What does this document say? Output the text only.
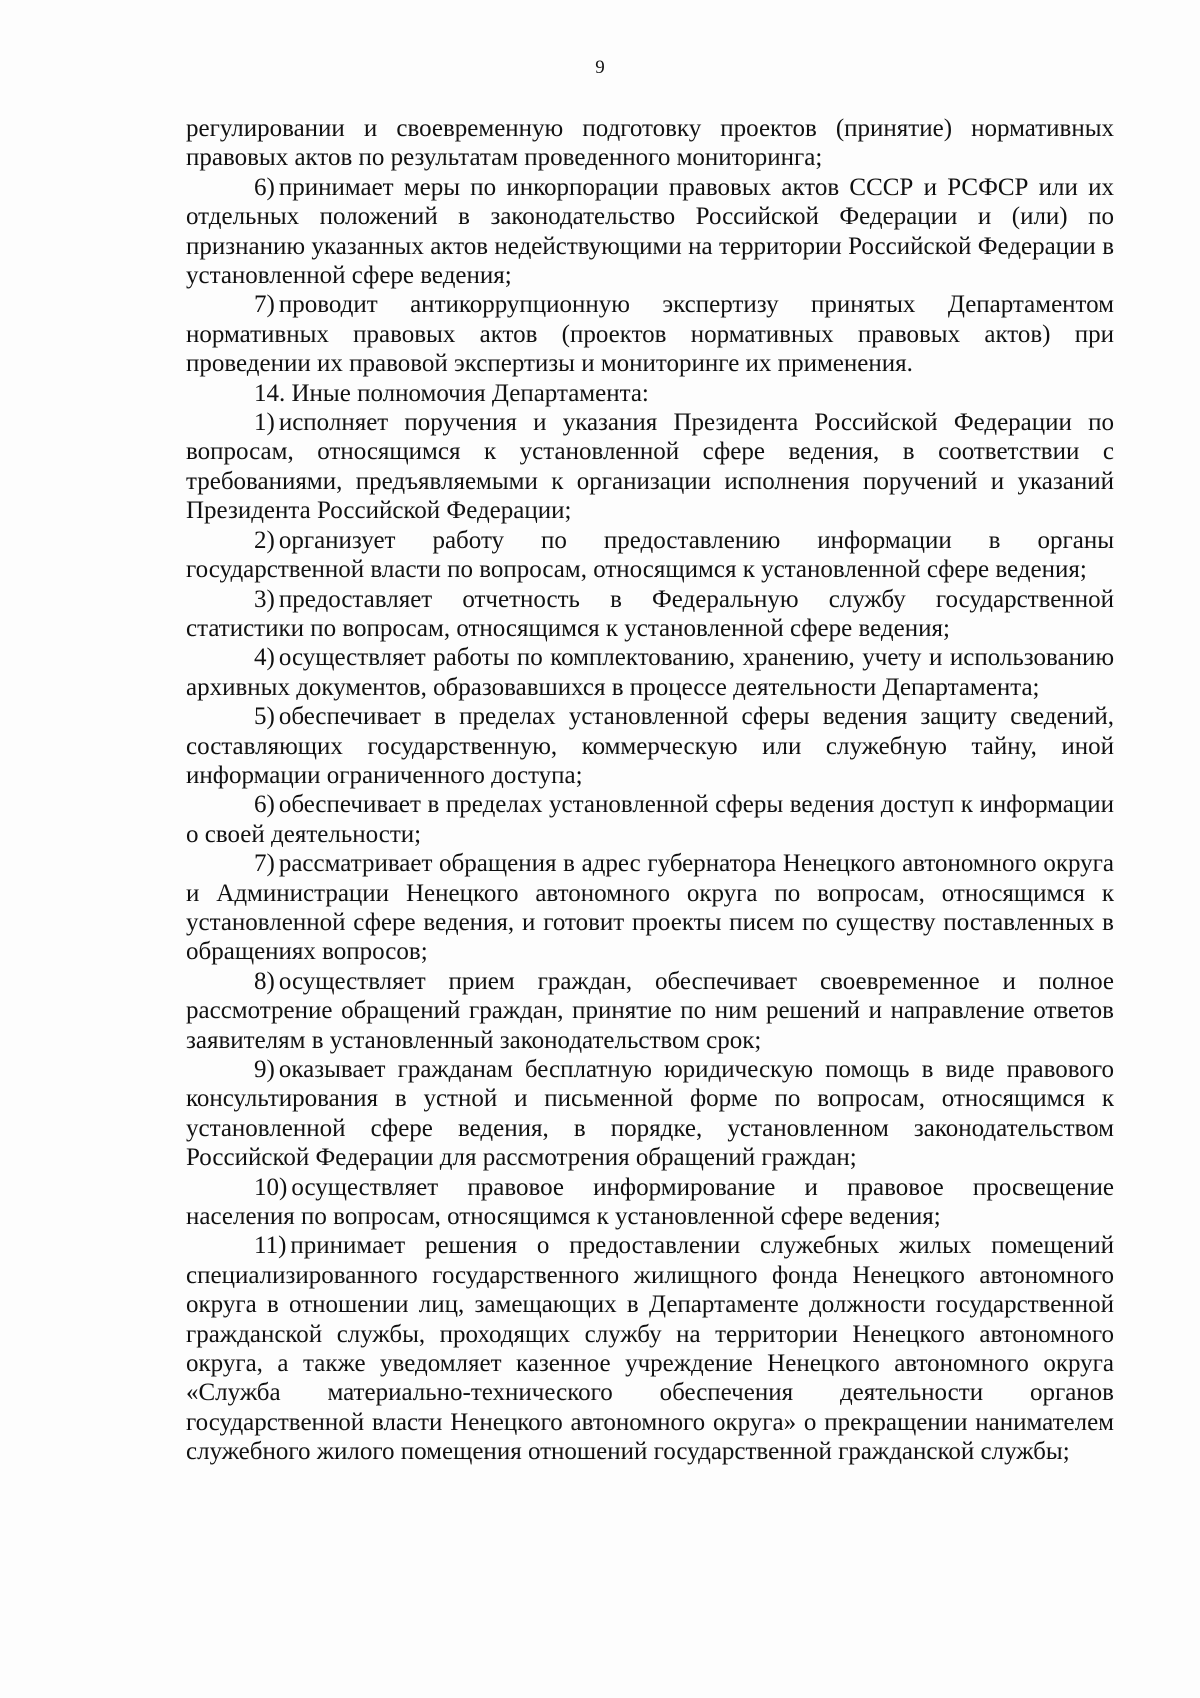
9

регулировании и своевременную подготовку проектов (принятие) нормативных правовых актов по результатам проведенного мониторинга;

6) принимает меры по инкорпорации правовых актов СССР и РСФСР или их отдельных положений в законодательство Российской Федерации и (или) по признанию указанных актов недействующими на территории Российской Федерации в установленной сфере ведения;

7) проводит антикоррупционную экспертизу принятых Департаментом нормативных правовых актов (проектов нормативных правовых актов) при проведении их правовой экспертизы и мониторинге их применения.

14. Иные полномочия Департамента:

1) исполняет поручения и указания Президента Российской Федерации по вопросам, относящимся к установленной сфере ведения, в соответствии с требованиями, предъявляемыми к организации исполнения поручений и указаний Президента Российской Федерации;

2) организует работу по предоставлению информации в органы государственной власти по вопросам, относящимся к установленной сфере ведения;

3) предоставляет отчетность в Федеральную службу государственной статистики по вопросам, относящимся к установленной сфере ведения;

4) осуществляет работы по комплектованию, хранению, учету и использованию архивных документов, образовавшихся в процессе деятельности Департамента;

5) обеспечивает в пределах установленной сферы ведения защиту сведений, составляющих государственную, коммерческую или служебную тайну, иной информации ограниченного доступа;

6) обеспечивает в пределах установленной сферы ведения доступ к информации о своей деятельности;

7) рассматривает обращения в адрес губернатора Ненецкого автономного округа и Администрации Ненецкого автономного округа по вопросам, относящимся к установленной сфере ведения, и готовит проекты писем по существу поставленных в обращениях вопросов;

8) осуществляет прием граждан, обеспечивает своевременное и полное рассмотрение обращений граждан, принятие по ним решений и направление ответов заявителям в установленный законодательством срок;

9) оказывает гражданам бесплатную юридическую помощь в виде правового консультирования в устной и письменной форме по вопросам, относящимся к установленной сфере ведения, в порядке, установленном законодательством Российской Федерации для рассмотрения обращений граждан;

10) осуществляет правовое информирование и правовое просвещение населения по вопросам, относящимся к установленной сфере ведения;

11) принимает решения о предоставлении служебных жилых помещений специализированного государственного жилищного фонда Ненецкого автономного округа в отношении лиц, замещающих в Департаменте должности государственной гражданской службы, проходящих службу на территории Ненецкого автономного округа, а также уведомляет казенное учреждение Ненецкого автономного округа «Служба материально-технического обеспечения деятельности органов государственной власти Ненецкого автономного округа» о прекращении нанимателем служебного жилого помещения отношений государственной гражданской службы;
